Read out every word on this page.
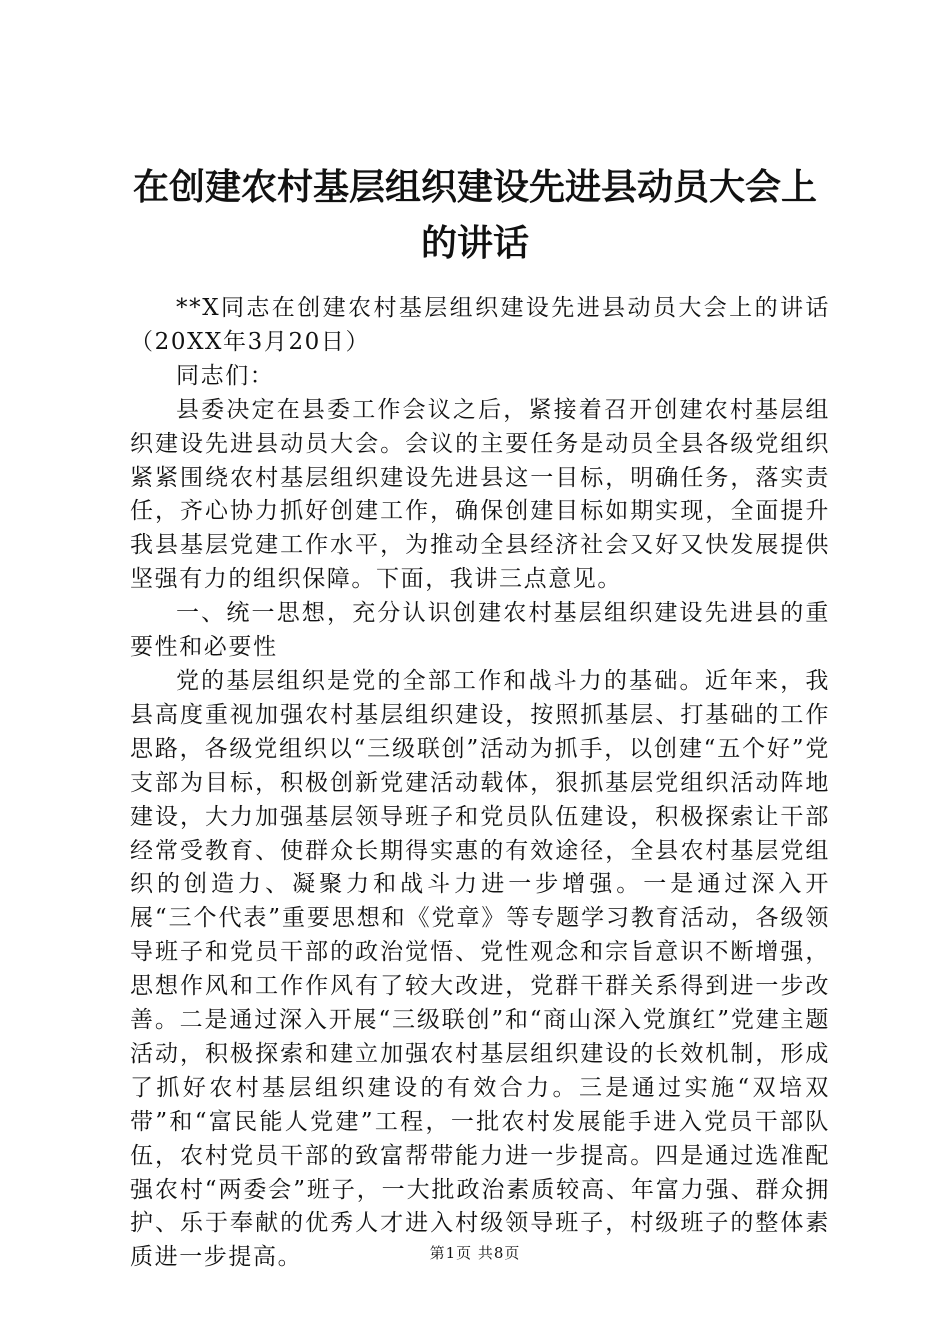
在创建农村基层组织建设先进县动员大会上的讲话

**X同志在创建农村基层组织建设先进县动员大会上的讲话（20XX年3月20日）

同志们：

县委决定在县委工作会议之后，紧接着召开创建农村基层组织建设先进县动员大会。会议的主要任务是动员全县各级党组织紧紧围绕农村基层组织建设先进县这一目标，明确任务，落实责任，齐心协力抓好创建工作，确保创建目标如期实现，全面提升我县基层党建工作水平，为推动全县经济社会又好又快发展提供坚强有力的组织保障。下面，我讲三点意见。

一、统一思想，充分认识创建农村基层组织建设先进县的重要性和必要性

党的基层组织是党的全部工作和战斗力的基础。近年来，我县高度重视加强农村基层组织建设，按照抓基层、打基础的工作思路，各级党组织以“三级联创”活动为抓手，以创建“五个好”党支部为目标，积极创新党建活动载体，狠抓基层党组织活动阵地建设，大力加强基层领导班子和党员队伍建设，积极探索让干部经常受教育、使群众长期得实惠的有效途径，全县农村基层党组织的创造力、凝聚力和战斗力进一步增强。一是通过深入开展“三个代表”重要思想和《党章》等专题学习教育活动，各级领导班子和党员干部的政治觉悟、党性观念和宗旨意识不断增强，思想作风和工作作风有了较大改进，党群干群关系得到进一步改善。二是通过深入开展“三级联创”和“商山深入党旗红”党建主题活动，积极探索和建立加强农村基层组织建设的长效机制，形成了抓好农村基层组织建设的有效合力。三是通过实施“双培双带”和“富民能人党建”工程，一批农村发展能手进入党员干部队伍，农村党员干部的致富帮带能力进一步提高。四是通过选准配强农村“两委会”班子，一大批政治素质较高、年富力强、群众拥护、乐于奉献的优秀人才进入村级领导班子，村级班子的整体素质进一步提高。	第1页 共8页
